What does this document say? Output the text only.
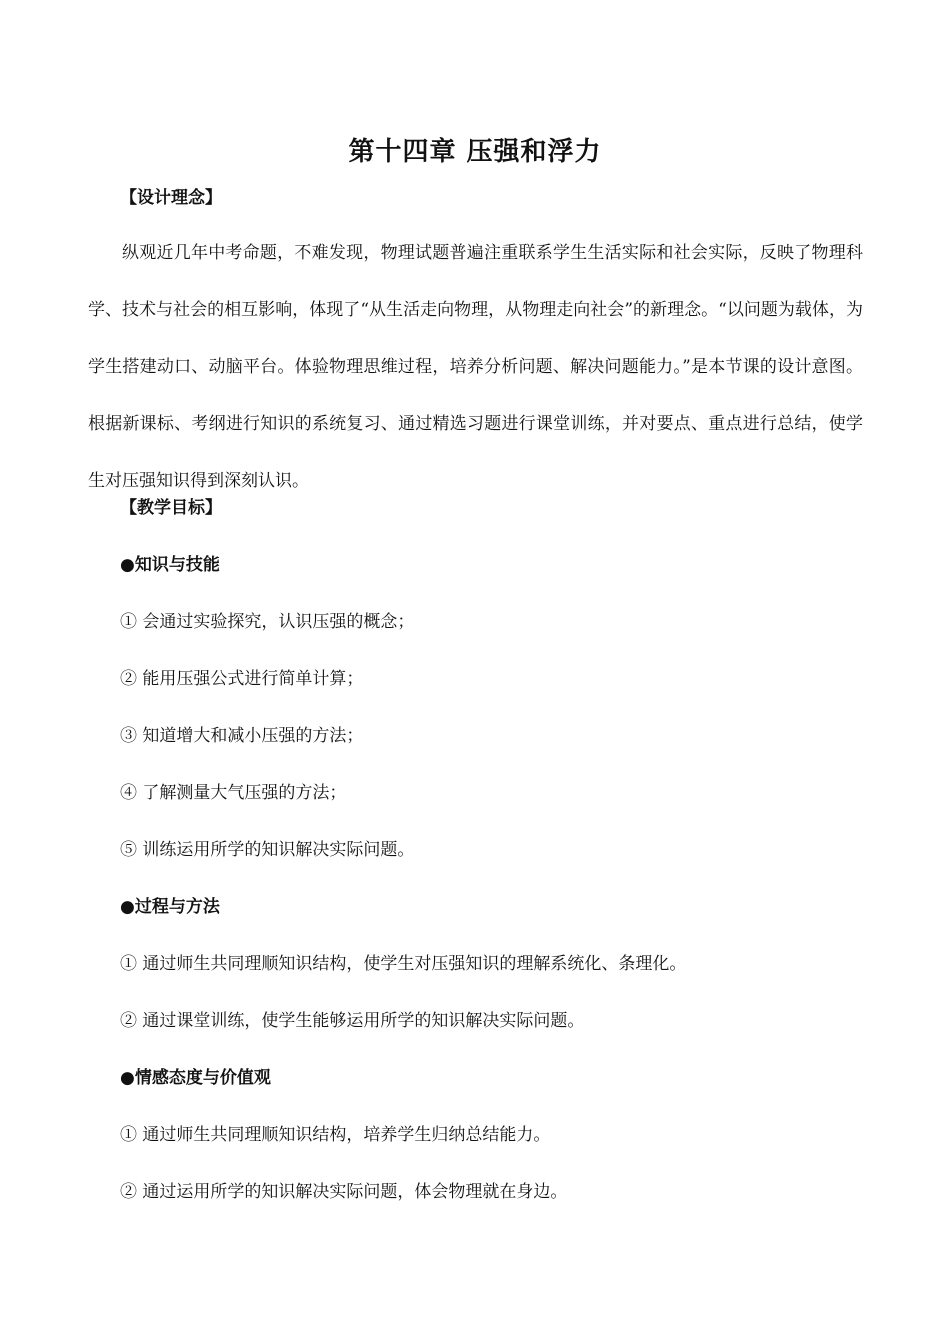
第十四章 压强和浮力
【设计理念】

纵观近几年中考命题，不难发现，物理试题普遍注重联系学生生活实际和社会实际，反映了物理科学、技术与社会的相互影响，体现了“从生活走向物理，从物理走向社会”的新理念。“以问题为载体，为学生搭建动口、动脑平台。体验物理思维过程，培养分析问题、解决问题能力。”是本节课的设计意图。根据新课标、考纲进行知识的系统复习、通过精选习题进行课堂训练，并对要点、重点进行总结，使学生对压强知识得到深刻认识。

【教学目标】
●知识与技能
① 会通过实验探究，认识压强的概念；
② 能用压强公式进行简单计算；
③ 知道增大和减小压强的方法；
④ 了解测量大气压强的方法；
⑤ 训练运用所学的知识解决实际问题。
●过程与方法
① 通过师生共同理顺知识结构，使学生对压强知识的理解系统化、条理化。
② 通过课堂训练，使学生能够运用所学的知识解决实际问题。
●情感态度与价值观
① 通过师生共同理顺知识结构，培养学生归纳总结能力。
② 通过运用所学的知识解决实际问题，体会物理就在身边。
